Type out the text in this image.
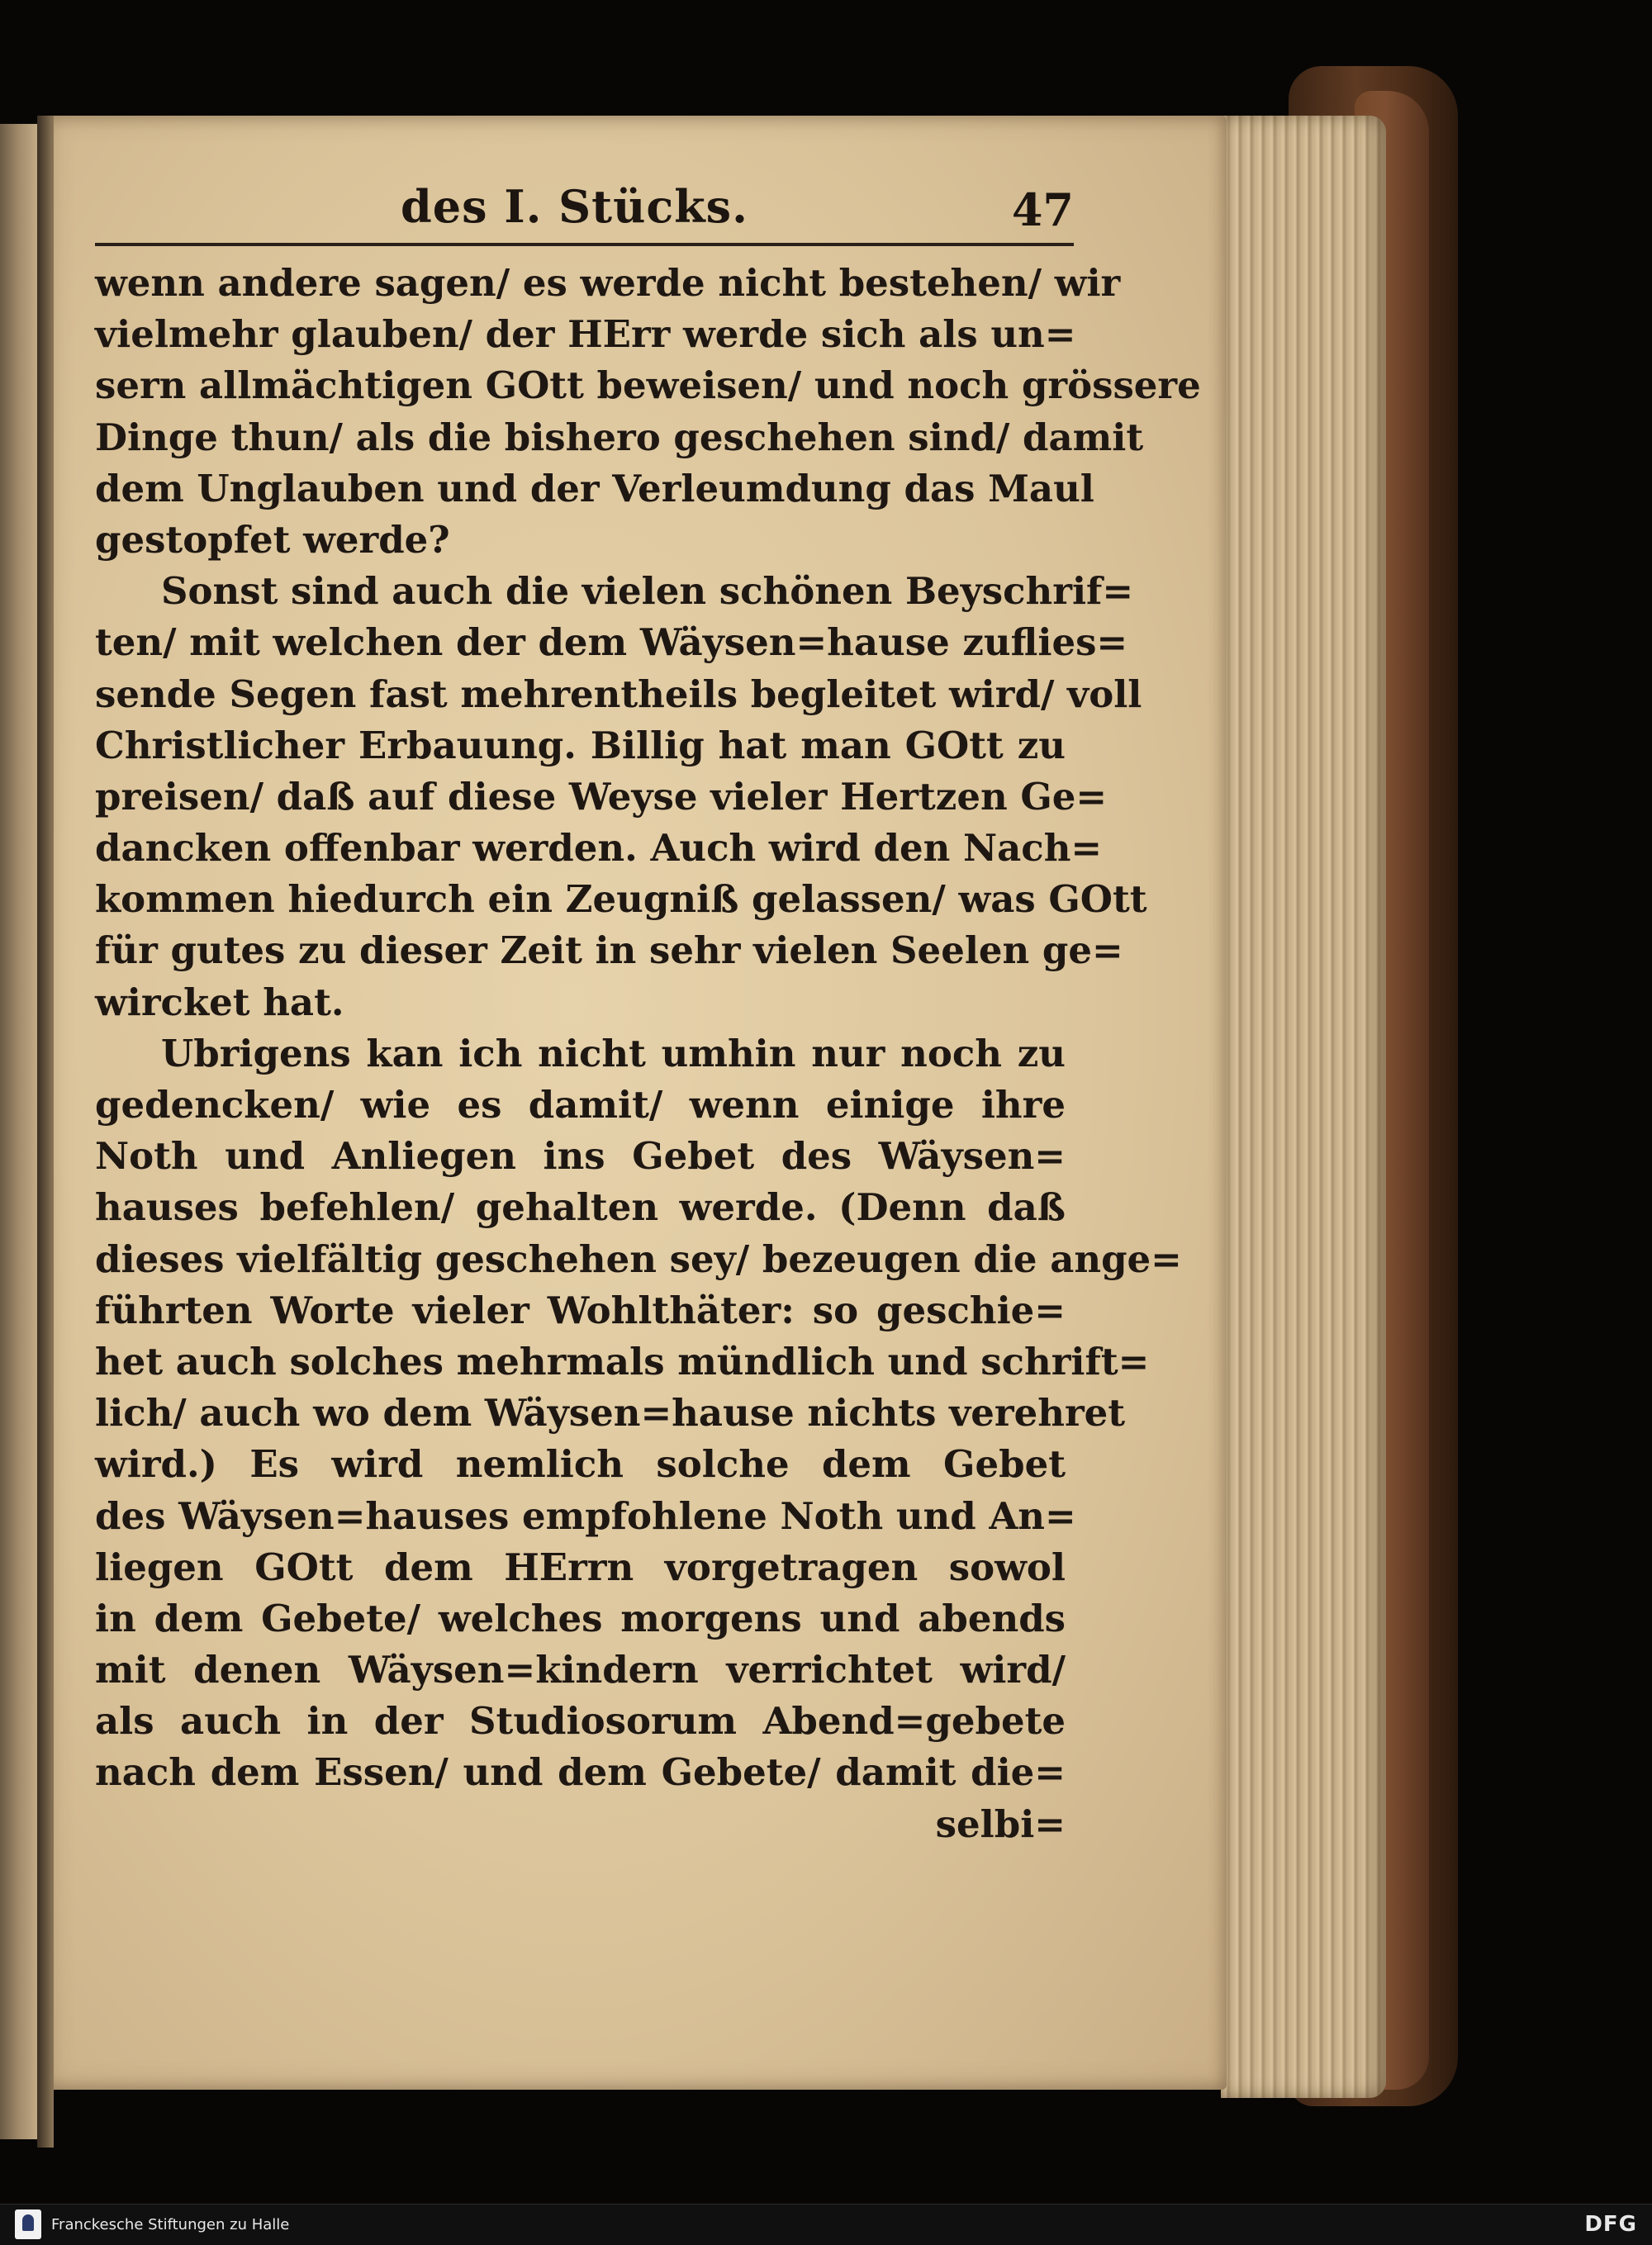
des I. Stücks.	47
wenn andere sagen/ es werde nicht bestehen/ wir
vielmehr glauben/ der HErr werde sich als un=
sern allmächtigen GOtt beweisen/ und noch grössere
Dinge thun/ als die bishero geschehen sind/ damit
dem Unglauben und der Verleumdung das Maul
gestopfet werde?
Sonst sind auch die vielen schönen Beyschrif=
ten/ mit welchen der dem Wäysen=hause zuflies=
sende Segen fast mehrentheils begleitet wird/ voll
Christlicher Erbauung. Billig hat man GOtt zu
preisen/ daß auf diese Weyse vieler Hertzen Ge=
dancken offenbar werden. Auch wird den Nach=
kommen hiedurch ein Zeugniß gelassen/ was GOtt
für gutes zu dieser Zeit in sehr vielen Seelen ge=
wircket hat.
Ubrigens kan ich nicht umhin nur noch zu
gedencken/ wie es damit/ wenn einige ihre
Noth und Anliegen ins Gebet des Wäysen=
hauses befehlen/ gehalten werde. (Denn daß
dieses vielfältig geschehen sey/ bezeugen die ange=
führten Worte vieler Wohlthäter: so geschie=
het auch solches mehrmals mündlich und schrift=
lich/ auch wo dem Wäysen=hause nichts verehret
wird.) Es wird nemlich solche dem Gebet
des Wäysen=hauses empfohlene Noth und An=
liegen GOtt dem HErrn vorgetragen sowol
in dem Gebete/ welches morgens und abends
mit denen Wäysen=kindern verrichtet wird/
als auch in der Studiosorum Abend=gebete
nach dem Essen/ und dem Gebete/ damit die=
selbi=
Franckesche Stiftungen zu Halle	DFG
